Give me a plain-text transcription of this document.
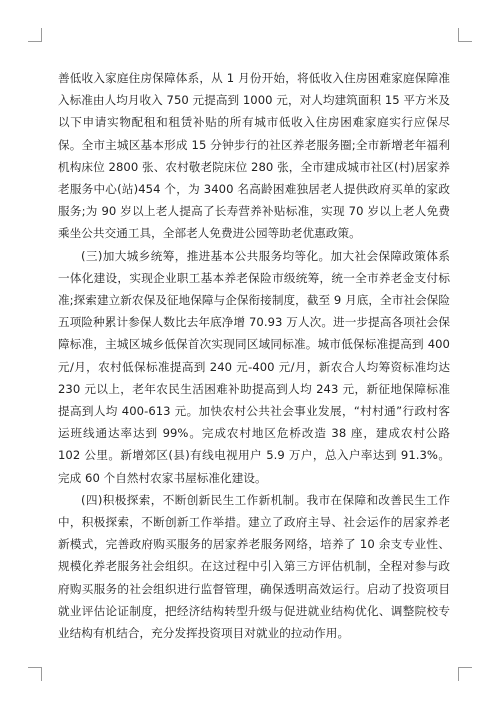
善低收入家庭住房保障体系，从 1 月份开始，将低收入住房困难家庭保障准入标准由人均月收入 750 元提高到 1000 元，对人均建筑面积 15 平方米及以下申请实物配租和租赁补贴的所有城市低收入住房困难家庭实行应保尽保。全市主城区基本形成 15 分钟步行的社区养老服务圈;全市新增老年福利机构床位 2800 张、农村敬老院床位 280 张，全市建成城市社区(村)居家养老服务中心(站)454 个，为 3400 名高龄困难独居老人提供政府买单的家政服务;为 90 岁以上老人提高了长寿营养补贴标准，实现 70 岁以上老人免费乘坐公共交通工具，全部老人免费进公园等助老优惠政策。

(三)加大城乡统筹，推进基本公共服务均等化。加大社会保障政策体系一体化建设，实现企业职工基本养老保险市级统筹，统一全市养老金支付标准;探索建立新农保及征地保障与企保衔接制度，截至 9 月底，全市社会保险五项险种累计参保人数比去年底净增 70.93 万人次。进一步提高各项社会保障标准，主城区城乡低保首次实现同区域同标准。城市低保标准提高到 400 元/月，农村低保标准提高到 240 元-400 元/月，新农合人均筹资标准均达 230 元以上，老年农民生活困难补助提高到人均 243 元，新征地保障标准提高到人均 400-613 元。加快农村公共社会事业发展，“村村通”行政村客运班线通达率达到 99%。完成农村地区危桥改造 38 座，建成农村公路 102 公里。新增郊区(县)有线电视用户 5.9 万户，总入户率达到 91.3%。完成 60 个自然村农家书屋标准化建设。

(四)积极探索，不断创新民生工作新机制。我市在保障和改善民生工作中，积极探索，不断创新工作举措。建立了政府主导、社会运作的居家养老新模式，完善政府购买服务的居家养老服务网络，培养了 10 余支专业性、规模化养老服务社会组织。在这过程中引入第三方评估机制，全程对参与政府购买服务的社会组织进行监督管理，确保透明高效运行。启动了投资项目就业评估论证制度，把经济结构转型升级与促进就业结构优化、调整院校专业结构有机结合，充分发挥投资项目对就业的拉动作用。
